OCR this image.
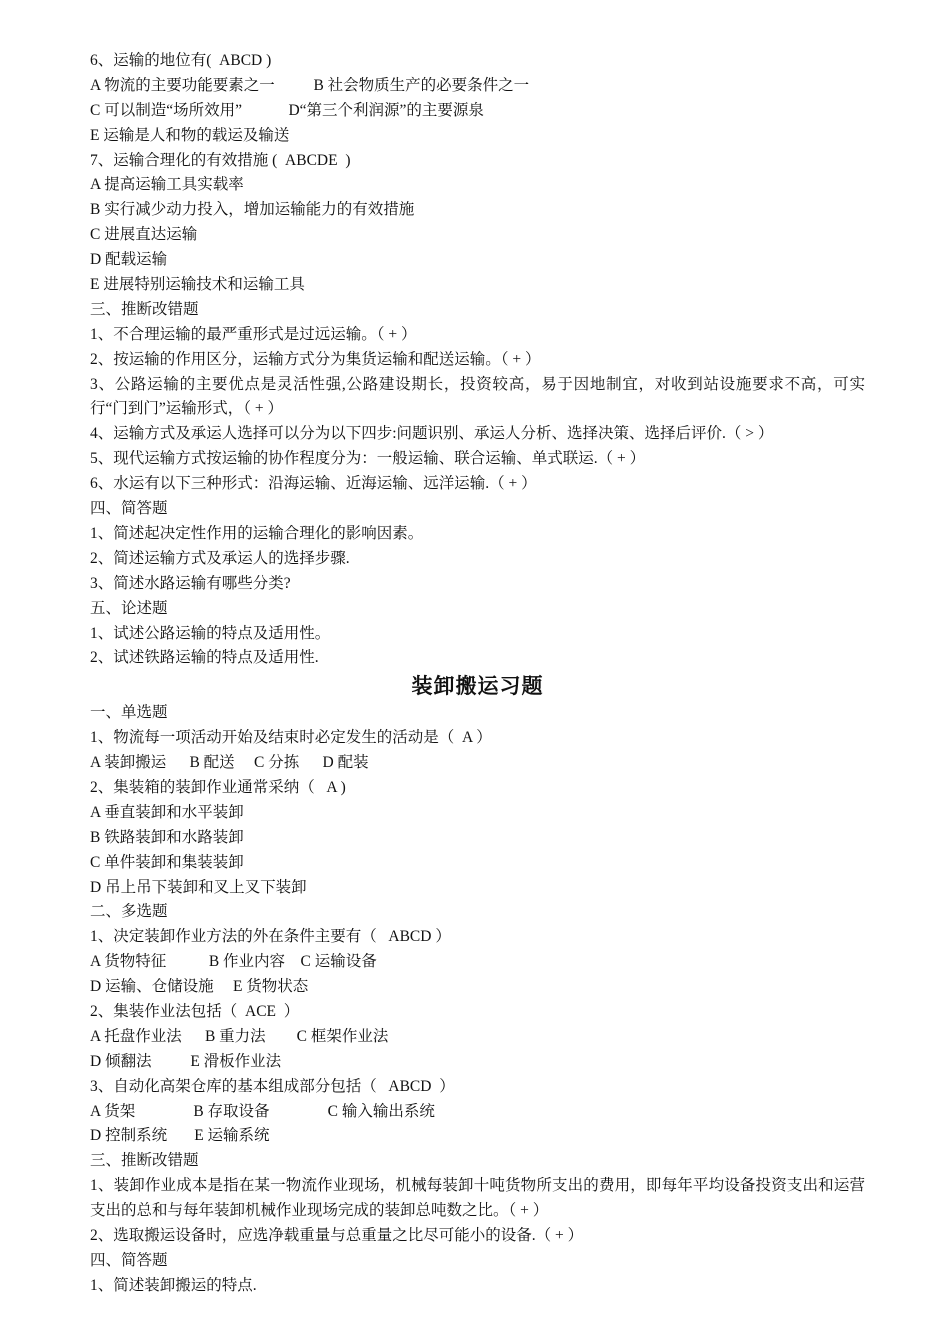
6、运输的地位有(  ABCD )
A 物流的主要功能要素之一          B 社会物质生产的必要条件之一
C 可以制造“场所效用”            D“第三个利润源”的主要源泉
E 运输是人和物的载运及输送
7、运输合理化的有效措施 (  ABCDE  )
A 提高运输工具实载率
B 实行减少动力投入，增加运输能力的有效措施
C 进展直达运输
D 配载运输
E 进展特别运输技术和运输工具
三、推断改错题
1、不合理运输的最严重形式是过远运输。（ + ）
2、按运输的作用区分，运输方式分为集货运输和配送运输。（ + ）
3、公路运输的主要优点是灵活性强,公路建设期长，投资较高，易于因地制宜，对收到站设施要求不高，可实行“门到门”运输形式，（ + ）
4、运输方式及承运人选择可以分为以下四步:问题识别、承运人分析、选择决策、选择后评价.（ > ）
5、现代运输方式按运输的协作程度分为：一般运输、联合运输、单式联运.（ + ）
6、水运有以下三种形式：沿海运输、近海运输、远洋运输.（ + ）
四、简答题
1、简述起决定性作用的运输合理化的影响因素。
2、简述运输方式及承运人的选择步骤.
3、简述水路运输有哪些分类?
五、论述题
1、试述公路运输的特点及适用性。
2、试述铁路运输的特点及适用性.
装卸搬运习题
一、单选题
1、物流每一项活动开始及结束时必定发生的活动是（  A ）
A 装卸搬运      B 配送     C 分拣      D 配装
2、集装箱的装卸作业通常采纳（   A )
A 垂直装卸和水平装卸
B 铁路装卸和水路装卸
C 单件装卸和集装装卸
D 吊上吊下装卸和叉上叉下装卸
二、多选题
1、决定装卸作业方法的外在条件主要有（   ABCD ）
A 货物特征           B 作业内容    C 运输设备
D 运输、仓储设施     E 货物状态
2、集装作业法包括（  ACE  ）
A 托盘作业法      B 重力法        C 框架作业法
D 倾翻法          E 滑板作业法
3、自动化高架仓库的基本组成部分包括（   ABCD  ）
A 货架               B 存取设备               C 输入输出系统
D 控制系统       E 运输系统
三、推断改错题
1、装卸作业成本是指在某一物流作业现场，机械每装卸十吨货物所支出的费用，即每年平均设备投资支出和运营支出的总和与每年装卸机械作业现场完成的装卸总吨数之比。（ + ）
2、选取搬运设备时，应选净载重量与总重量之比尽可能小的设备.（ + ）
四、简答题
1、简述装卸搬运的特点.
